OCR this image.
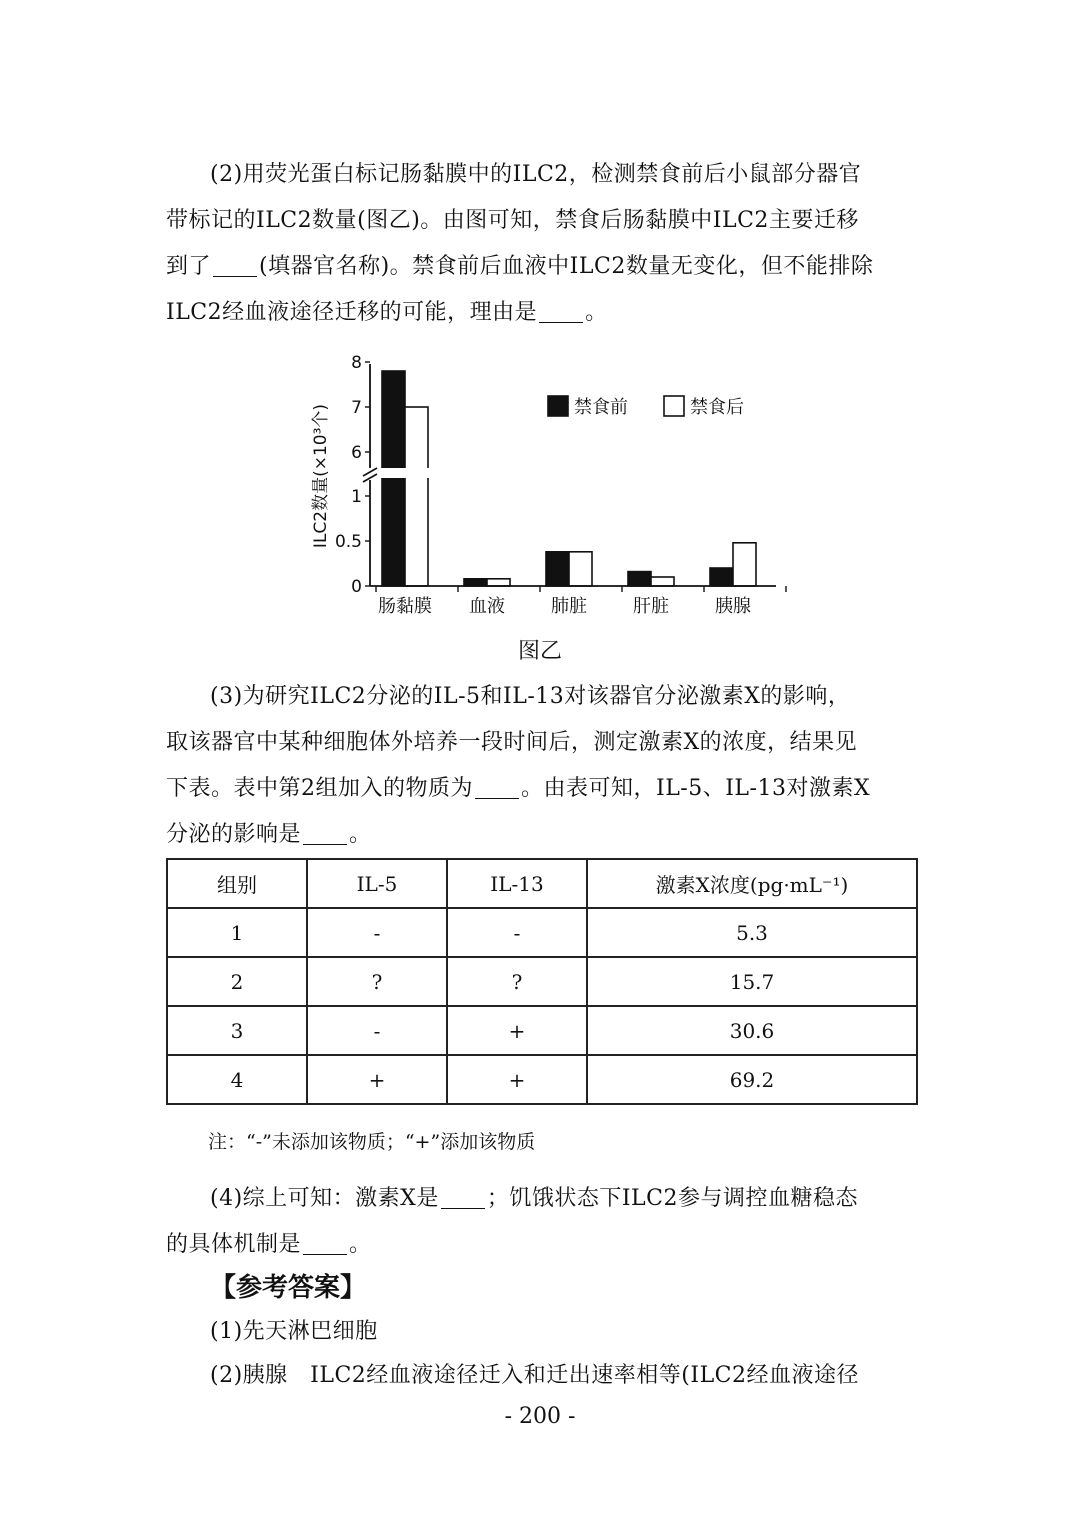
(2)用荧光蛋白标记肠黏膜中的ILC2，检测禁食前后小鼠部分器官
带标记的ILC2数量(图乙)。由图可知，禁食后肠黏膜中ILC2主要迁移
到了 (填器官名称)。禁食前后血液中ILC2数量无变化，但不能排除
ILC2经血液途径迁移的可能，理由是 。
肠黏膜 血液	肺脏	肝脏	胰腺
0
0.5
1
6
7
8
ILC2数量(×10³个)	禁食前	禁食后
图乙
(3)为研究ILC2分泌的IL-5和IL-13对该器官分泌激素X的影响，
取该器官中某种细胞体外培养一段时间后，测定激素X的浓度，结果见
下表。表中第2组加入的物质为 。由表可知，IL-5、IL-13对激素X
分泌的影响是 。
组别	IL-5	IL-13	激素X浓度(pg·mL⁻¹)
1	-	-	5.3
2	?	?	15.7
3	-	+	30.6
4	+	+	69.2
注：“-”未添加该物质；“+”添加该物质
(4)综上可知：激素X是 ；饥饿状态下ILC2参与调控血糖稳态
的具体机制是 。
【参考答案】
(1)先天淋巴细胞
(2)胰腺　ILC2经血液途径迁入和迁出速率相等(ILC2经血液途径
- 200 -
